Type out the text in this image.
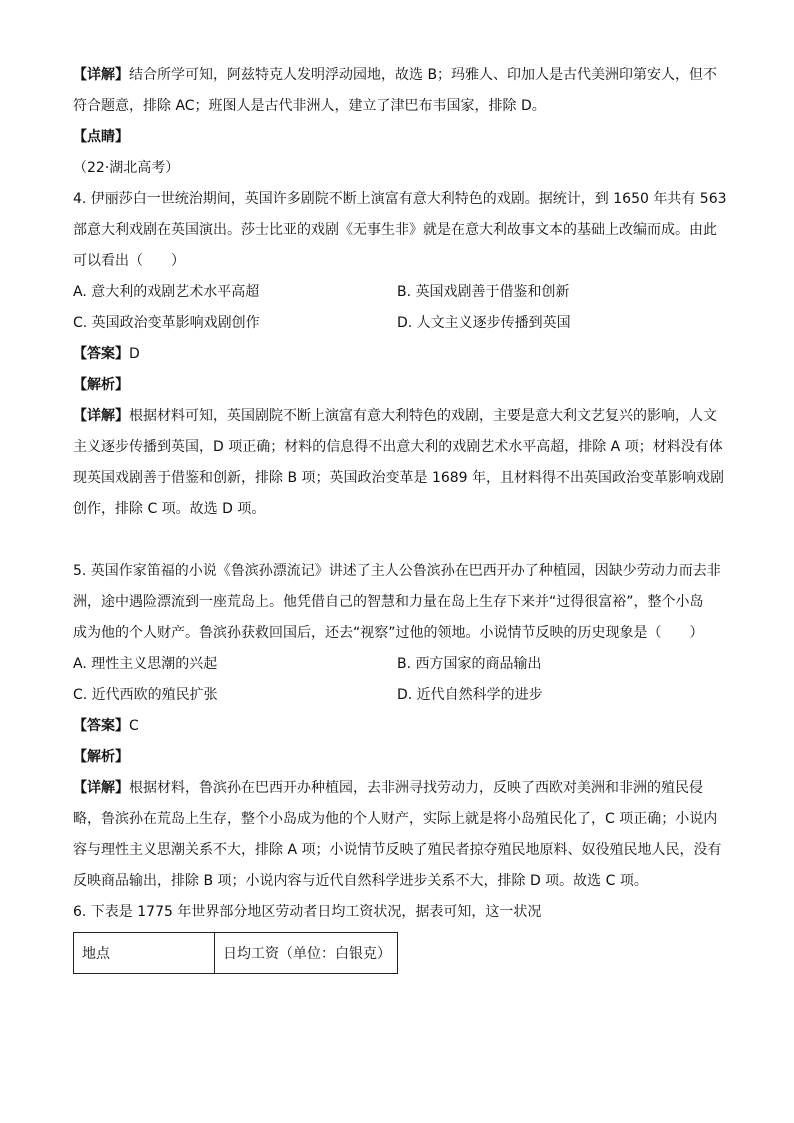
【详解】结合所学可知，阿兹特克人发明浮动园地，故选 B；玛雅人、印加人是古代美洲印第安人，但不

符合题意，排除 AC；班图人是古代非洲人，建立了津巴布韦国家，排除 D。

【点睛】

（22·湖北高考）

4. 伊丽莎白一世统治期间，英国许多剧院不断上演富有意大利特色的戏剧。据统计，到 1650 年共有 563

部意大利戏剧在英国演出。莎士比亚的戏剧《无事生非》就是在意大利故事文本的基础上改编而成。由此

可以看出（　　）

A. 意大利的戏剧艺术水平高超	B. 英国戏剧善于借鉴和创新
C. 英国政治变革影响戏剧创作	D. 人文主义逐步传播到英国

【答案】D

【解析】

【详解】根据材料可知，英国剧院不断上演富有意大利特色的戏剧，主要是意大利文艺复兴的影响，人文

主义逐步传播到英国，D 项正确；材料的信息得不出意大利的戏剧艺术水平高超，排除 A 项；材料没有体

现英国戏剧善于借鉴和创新，排除 B 项；英国政治变革是 1689 年，且材料得不出英国政治变革影响戏剧

创作，排除 C 项。故选 D 项。

5. 英国作家笛福的小说《鲁滨孙漂流记》讲述了主人公鲁滨孙在巴西开办了种植园，因缺少劳动力而去非

洲，途中遇险漂流到一座荒岛上。他凭借自己的智慧和力量在岛上生存下来并“过得很富裕”，整个小岛

成为他的个人财产。鲁滨孙获救回国后，还去“视察”过他的领地。小说情节反映的历史现象是（　　）

A. 理性主义思潮的兴起	B. 西方国家的商品输出
C. 近代西欧的殖民扩张	D. 近代自然科学的进步

【答案】C

【解析】

【详解】根据材料，鲁滨孙在巴西开办种植园，去非洲寻找劳动力，反映了西欧对美洲和非洲的殖民侵

略，鲁滨孙在荒岛上生存，整个小岛成为他的个人财产，实际上就是将小岛殖民化了，C 项正确；小说内

容与理性主义思潮关系不大，排除 A 项；小说情节反映了殖民者掠夺殖民地原料、奴役殖民地人民，没有

反映商品输出，排除 B 项；小说内容与近代自然科学进步关系不大，排除 D 项。故选 C 项。

6. 下表是 1775 年世界部分地区劳动者日均工资状况，据表可知，这一状况

地点	日均工资（单位：白银克）
